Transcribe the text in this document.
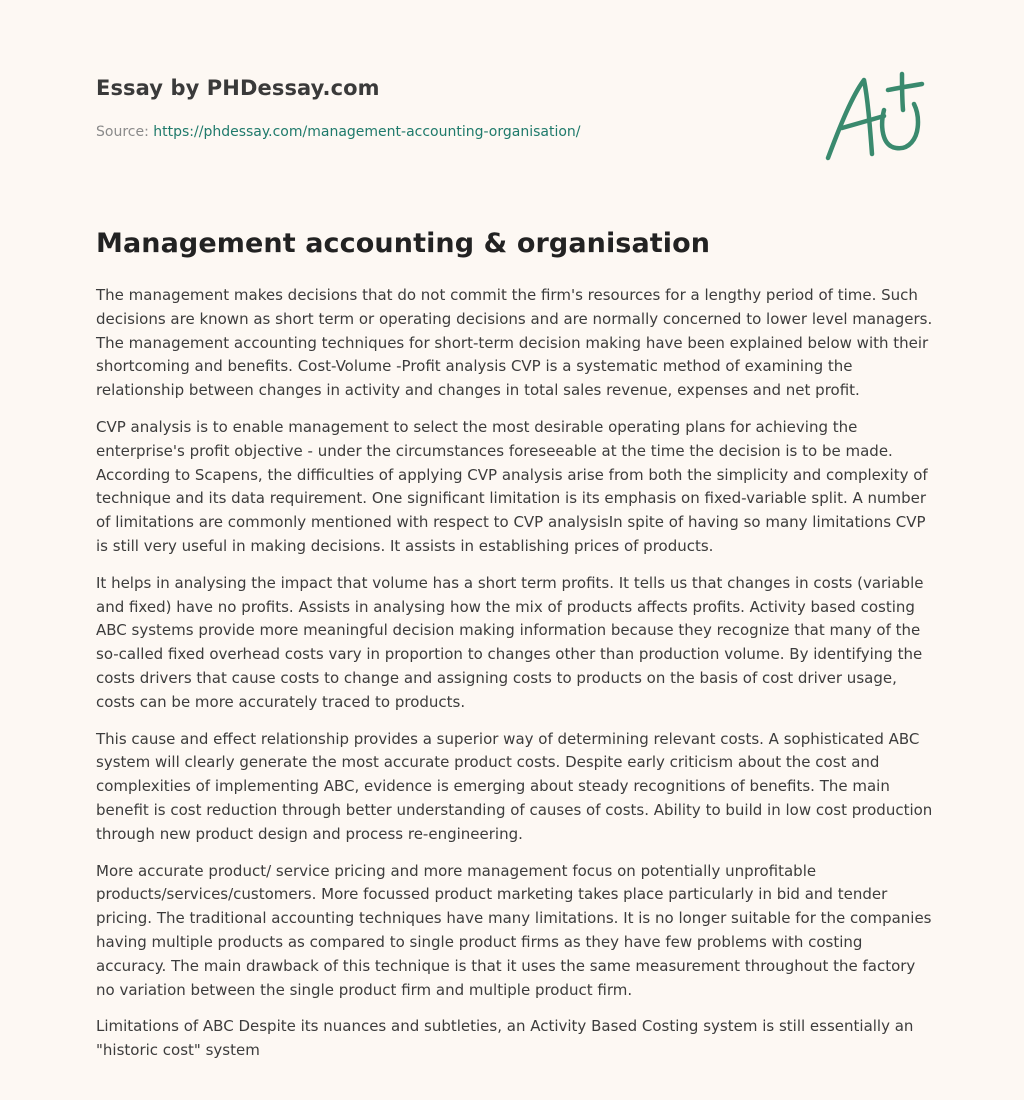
Essay by PHDessay.com

Source: https://phdessay.com/management-accounting-organisation/

Management accounting & organisation

The management makes decisions that do not commit the firm's resources for a lengthy period of time. Such decisions are known as short term or operating decisions and are normally concerned to lower level managers. The management accounting techniques for short-term decision making have been explained below with their shortcoming and benefits. Cost-Volume -Profit analysis CVP is a systematic method of examining the relationship between changes in activity and changes in total sales revenue, expenses and net profit.

CVP analysis is to enable management to select the most desirable operating plans for achieving the enterprise's profit objective - under the circumstances foreseeable at the time the decision is to be made. According to Scapens, the difficulties of applying CVP analysis arise from both the simplicity and complexity of technique and its data requirement. One significant limitation is its emphasis on fixed-variable split. A number of limitations are commonly mentioned with respect to CVP analysisIn spite of having so many limitations CVP is still very useful in making decisions. It assists in establishing prices of products.

It helps in analysing the impact that volume has a short term profits. It tells us that changes in costs (variable and fixed) have no profits. Assists in analysing how the mix of products affects profits. Activity based costing ABC systems provide more meaningful decision making information because they recognize that many of the so-called fixed overhead costs vary in proportion to changes other than production volume. By identifying the costs drivers that cause costs to change and assigning costs to products on the basis of cost driver usage, costs can be more accurately traced to products.

This cause and effect relationship provides a superior way of determining relevant costs. A sophisticated ABC system will clearly generate the most accurate product costs. Despite early criticism about the cost and complexities of implementing ABC, evidence is emerging about steady recognitions of benefits. The main benefit is cost reduction through better understanding of causes of costs. Ability to build in low cost production through new product design and process re-engineering.

More accurate product/ service pricing and more management focus on potentially unprofitable products/services/customers. More focussed product marketing takes place particularly in bid and tender pricing. The traditional accounting techniques have many limitations. It is no longer suitable for the companies having multiple products as compared to single product firms as they have few problems with costing accuracy. The main drawback of this technique is that it uses the same measurement throughout the factory no variation between the single product firm and multiple product firm.

Limitations of ABC Despite its nuances and subtleties, an Activity Based Costing system is still essentially an "historic cost" system
